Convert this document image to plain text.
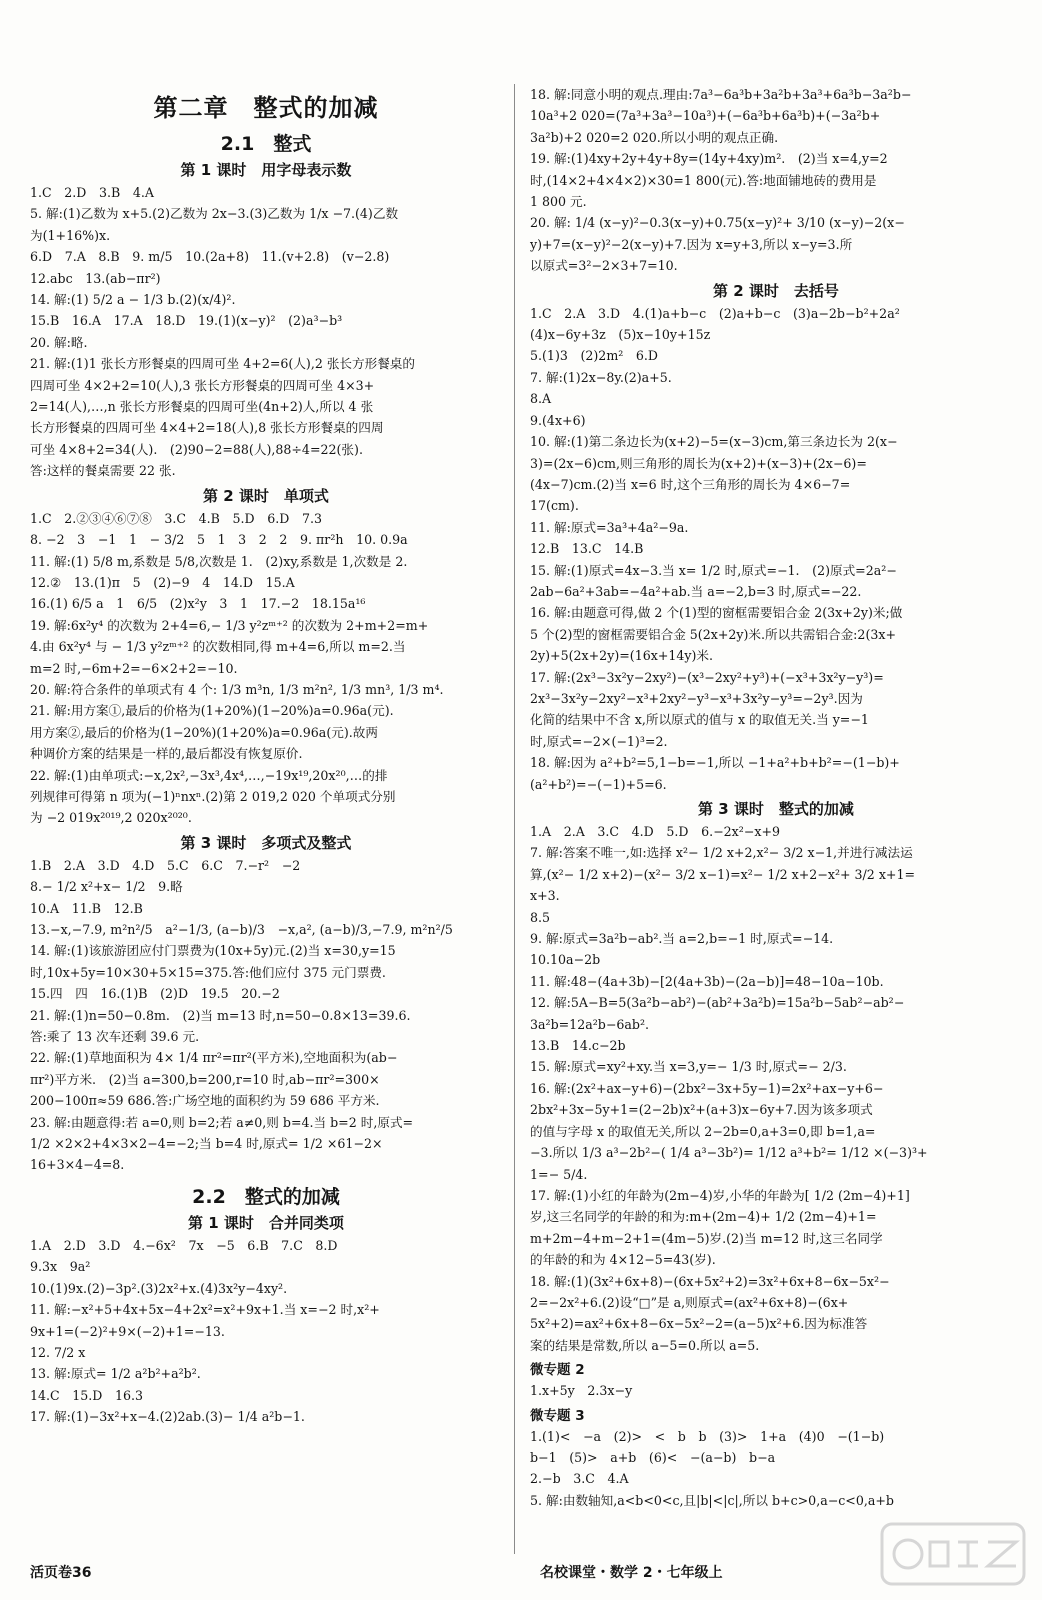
第二章　整式的加减
2.1　整式
第 1 课时　用字母表示数
1.C　2.D　3.B　4.A
5. 解:(1)乙数为 x+5.(2)乙数为 2x−3.(3)乙数为 1/x −7.(4)乙数
为(1+16%)x.
6.D　7.A　8.B　9. m/5　10.(2a+8)　11.(v+2.8)　(v−2.8)
12.abc　13.(ab−πr²)
14. 解:(1) 5/2 a − 1/3 b.(2)(x/4)².
15.B　16.A　17.A　18.D　19.(1)(x−y)²　(2)a³−b³
20. 解:略.
21. 解:(1)1 张长方形餐桌的四周可坐 4+2=6(人),2 张长方形餐桌的
四周可坐 4×2+2=10(人),3 张长方形餐桌的四周可坐 4×3+
2=14(人),…,n 张长方形餐桌的四周可坐(4n+2)人,所以 4 张
长方形餐桌的四周可坐 4×4+2=18(人),8 张长方形餐桌的四周
可坐 4×8+2=34(人).　(2)90−2=88(人),88÷4=22(张).
答:这样的餐桌需要 22 张.
第 2 课时　单项式
1.C　2.②③④⑥⑦⑧　3.C　4.B　5.D　6.D　7.3
8. −2　3　−1　1　− 3/2　5　1　3　2　2　9. πr²h　10. 0.9a
11. 解:(1) 5/8 m,系数是 5/8,次数是 1.　(2)xy,系数是 1,次数是 2.
12.②　13.(1)π　5　(2)−9　4　14.D　15.A
16.(1) 6/5 a　1　6/5　(2)x²y　3　1　17.−2　18.15a¹⁶
19. 解:6x²y⁴ 的次数为 2+4=6,− 1/3 y²zᵐ⁺² 的次数为 2+m+2=m+
4.由 6x²y⁴ 与 − 1/3 y²zᵐ⁺² 的次数相同,得 m+4=6,所以 m=2.当
m=2 时,−6m+2=−6×2+2=−10.
20. 解:符合条件的单项式有 4 个: 1/3 m³n, 1/3 m²n², 1/3 mn³, 1/3 m⁴.
21. 解:用方案①,最后的价格为(1+20%)(1−20%)a=0.96a(元).
用方案②,最后的价格为(1−20%)(1+20%)a=0.96a(元).故两
种调价方案的结果是一样的,最后都没有恢复原价.
22. 解:(1)由单项式:−x,2x²,−3x³,4x⁴,…,−19x¹⁹,20x²⁰,…的排
列规律可得第 n 项为(−1)ⁿnxⁿ.(2)第 2 019,2 020 个单项式分别
为 −2 019x²⁰¹⁹,2 020x²⁰²⁰.
第 3 课时　多项式及整式
1.B　2.A　3.D　4.D　5.C　6.C　7.−r²　−2
8.− 1/2 x²+x− 1/2　9.略
10.A　11.B　12.B
13.−x,−7.9, m²n²/5　a²−1/3, (a−b)/3　−x,a², (a−b)/3,−7.9, m²n²/5
14. 解:(1)该旅游团应付门票费为(10x+5y)元.(2)当 x=30,y=15
时,10x+5y=10×30+5×15=375.答:他们应付 375 元门票费.
15.四　四　16.(1)B　(2)D　19.5　20.−2
21. 解:(1)n=50−0.8m.　(2)当 m=13 时,n=50−0.8×13=39.6.
答:乘了 13 次车还剩 39.6 元.
22. 解:(1)草地面积为 4× 1/4 πr²=πr²(平方米),空地面积为(ab−
πr²)平方米.　(2)当 a=300,b=200,r=10 时,ab−πr²=300×
200−100π≈59 686.答:广场空地的面积约为 59 686 平方米.
23. 解:由题意得:若 a=0,则 b=2;若 a≠0,则 b=4.当 b=2 时,原式=
1/2 ×2×2+4×3×2−4=−2;当 b=4 时,原式= 1/2 ×61−2×
16+3×4−4=8.
2.2　整式的加减
第 1 课时　合并同类项
1.A　2.D　3.D　4.−6x²　7x　−5　6.B　7.C　8.D
9.3x　9a²
10.(1)9x.(2)−3p².(3)2x²+x.(4)3x²y−4xy².
11. 解:−x²+5+4x+5x−4+2x²=x²+9x+1.当 x=−2 时,x²+
9x+1=(−2)²+9×(−2)+1=−13.
12. 7/2 x
13. 解:原式= 1/2 a²b²+a²b².
14.C　15.D　16.3
17. 解:(1)−3x²+x−4.(2)2ab.(3)− 1/4 a²b−1.
18. 解:同意小明的观点.理由:7a³−6a³b+3a²b+3a³+6a³b−3a²b−
10a³+2 020=(7a³+3a³−10a³)+(−6a³b+6a³b)+(−3a²b+
3a²b)+2 020=2 020.所以小明的观点正确.
19. 解:(1)4xy+2y+4y+8y=(14y+4xy)m².　(2)当 x=4,y=2
时,(14×2+4×4×2)×30=1 800(元).答:地面铺地砖的费用是
1 800 元.
20. 解: 1/4 (x−y)²−0.3(x−y)+0.75(x−y)²+ 3/10 (x−y)−2(x−
y)+7=(x−y)²−2(x−y)+7.因为 x=y+3,所以 x−y=3.所
以原式=3²−2×3+7=10.
第 2 课时　去括号
1.C　2.A　3.D　4.(1)a+b−c　(2)a+b−c　(3)a−2b−b²+2a²
(4)x−6y+3z　(5)x−10y+15z
5.(1)3　(2)2m²　6.D
7. 解:(1)2x−8y.(2)a+5.
8.A
9.(4x+6)
10. 解:(1)第二条边长为(x+2)−5=(x−3)cm,第三条边长为 2(x−
3)=(2x−6)cm,则三角形的周长为(x+2)+(x−3)+(2x−6)=
(4x−7)cm.(2)当 x=6 时,这个三角形的周长为 4×6−7=
17(cm).
11. 解:原式=3a³+4a²−9a.
12.B　13.C　14.B
15. 解:(1)原式=4x−3.当 x= 1/2 时,原式=−1.　(2)原式=2a²−
2ab−6a²+3ab=−4a²+ab.当 a=−2,b=3 时,原式=−22.
16. 解:由题意可得,做 2 个(1)型的窗框需要铝合金 2(3x+2y)米;做
5 个(2)型的窗框需要铝合金 5(2x+2y)米.所以共需铝合金:2(3x+
2y)+5(2x+2y)=(16x+14y)米.
17. 解:(2x³−3x²y−2xy²)−(x³−2xy²+y³)+(−x³+3x²y−y³)=
2x³−3x²y−2xy²−x³+2xy²−y³−x³+3x²y−y³=−2y³.因为
化简的结果中不含 x,所以原式的值与 x 的取值无关.当 y=−1
时,原式=−2×(−1)³=2.
18. 解:因为 a²+b²=5,1−b=−1,所以 −1+a²+b+b²=−(1−b)+
(a²+b²)=−(−1)+5=6.
第 3 课时　整式的加减
1.A　2.A　3.C　4.D　5.D　6.−2x²−x+9
7. 解:答案不唯一,如:选择 x²− 1/2 x+2,x²− 3/2 x−1,并进行减法运
算,(x²− 1/2 x+2)−(x²− 3/2 x−1)=x²− 1/2 x+2−x²+ 3/2 x+1=
x+3.
8.5
9. 解:原式=3a²b−ab².当 a=2,b=−1 时,原式=−14.
10.10a−2b
11. 解:48−(4a+3b)−[2(4a+3b)−(2a−b)]=48−10a−10b.
12. 解:5A−B=5(3a²b−ab²)−(ab²+3a²b)=15a²b−5ab²−ab²−
3a²b=12a²b−6ab².
13.B　14.c−2b
15. 解:原式=xy²+xy.当 x=3,y=− 1/3 时,原式=− 2/3.
16. 解:(2x²+ax−y+6)−(2bx²−3x+5y−1)=2x²+ax−y+6−
2bx²+3x−5y+1=(2−2b)x²+(a+3)x−6y+7.因为该多项式
的值与字母 x 的取值无关,所以 2−2b=0,a+3=0,即 b=1,a=
−3.所以 1/3 a³−2b²−( 1/4 a³−3b²)= 1/12 a³+b²= 1/12 ×(−3)³+
1=− 5/4.
17. 解:(1)小红的年龄为(2m−4)岁,小华的年龄为[ 1/2 (2m−4)+1]
岁,这三名同学的年龄的和为:m+(2m−4)+ 1/2 (2m−4)+1=
m+2m−4+m−2+1=(4m−5)岁.(2)当 m=12 时,这三名同学
的年龄的和为 4×12−5=43(岁).
18. 解:(1)(3x²+6x+8)−(6x+5x²+2)=3x²+6x+8−6x−5x²−
2=−2x²+6.(2)设“□”是 a,则原式=(ax²+6x+8)−(6x+
5x²+2)=ax²+6x+8−6x−5x²−2=(a−5)x²+6.因为标准答
案的结果是常数,所以 a−5=0.所以 a=5.
微专题 2
1.x+5y　2.3x−y
微专题 3
1.(1)<　−a　(2)>　<　b　b　(3)>　1+a　(4)0　−(1−b)
b−1　(5)>　a+b　(6)<　−(a−b)　b−a
2.−b　3.C　4.A
5. 解:由数轴知,a<b<0<c,且|b|<|c|,所以 b+c>0,a−c<0,a+b
活页卷36	名校课堂・数学 2・七年级上
